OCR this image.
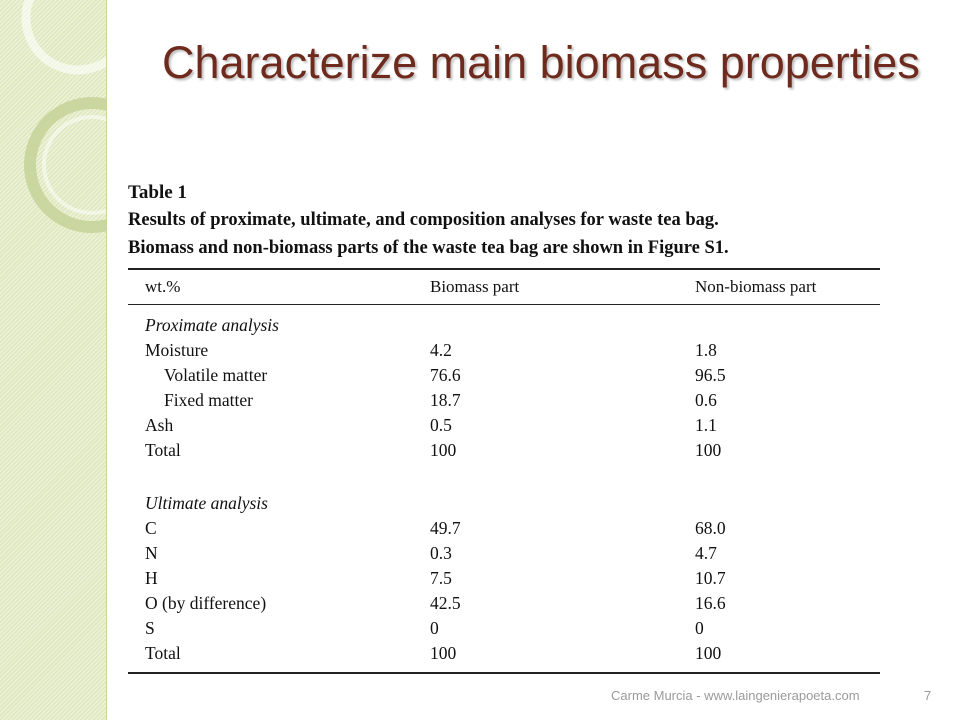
Characterize main biomass properties
Table 1
Results of proximate, ultimate, and composition analyses for waste tea bag.
Biomass and non-biomass parts of the waste tea bag are shown in Figure S1.
wt.%	Biomass part	Non-biomass part
Proximate analysis
Moisture	4.2	1.8
Volatile matter	76.6	96.5
Fixed matter	18.7	0.6
Ash	0.5	1.1
Total	100	100
Ultimate analysis
C	49.7	68.0
N	0.3	4.7
H	7.5	10.7
O (by difference)	42.5	16.6
S	0	0
Total	100	100
Carme Murcia - www.laingenierapoeta.com	7
